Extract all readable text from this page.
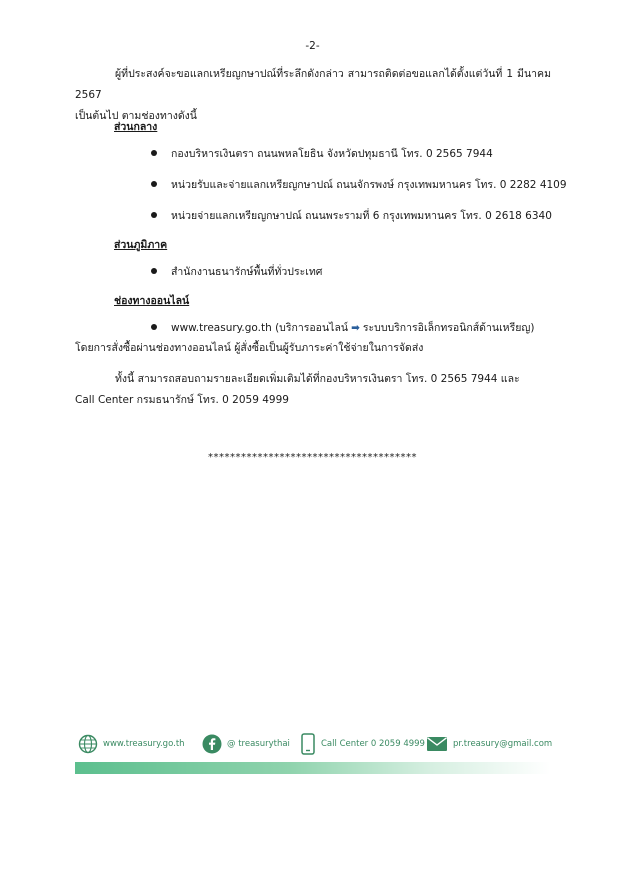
-2-
ผู้ที่ประสงค์จะขอแลกเหรียญกษาปณ์ที่ระลึกดังกล่าว สามารถติดต่อขอแลกได้ตั้งแต่วันที่ 1 มีนาคม 2567
เป็นต้นไป ตามช่องทางดังนี้
ส่วนกลาง
กองบริหารเงินตรา ถนนพหลโยธิน จังหวัดปทุมธานี โทร. 0 2565 7944
หน่วยรับและจ่ายแลกเหรียญกษาปณ์ ถนนจักรพงษ์ กรุงเทพมหานคร โทร. 0 2282 4109
หน่วยจ่ายแลกเหรียญกษาปณ์ ถนนพระรามที่ 6 กรุงเทพมหานคร โทร. 0 2618 6340
ส่วนภูมิภาค
สำนักงานธนารักษ์พื้นที่ทั่วประเทศ
ช่องทางออนไลน์
www.treasury.go.th (บริการออนไลน์ ➡ ระบบบริการอิเล็กทรอนิกส์ด้านเหรียญ)
โดยการสั่งซื้อผ่านช่องทางออนไลน์ ผู้สั่งซื้อเป็นผู้รับภาระค่าใช้จ่ายในการจัดส่ง
ทั้งนี้ สามารถสอบถามรายละเอียดเพิ่มเติมได้ที่กองบริหารเงินตรา โทร. 0 2565 7944 และ
Call Center กรมธนารักษ์ โทร. 0 2059 4999
**************************************
www.treasury.go.th	@ treasurythai	Call Center 0 2059 4999	pr.treasury@gmail.com
